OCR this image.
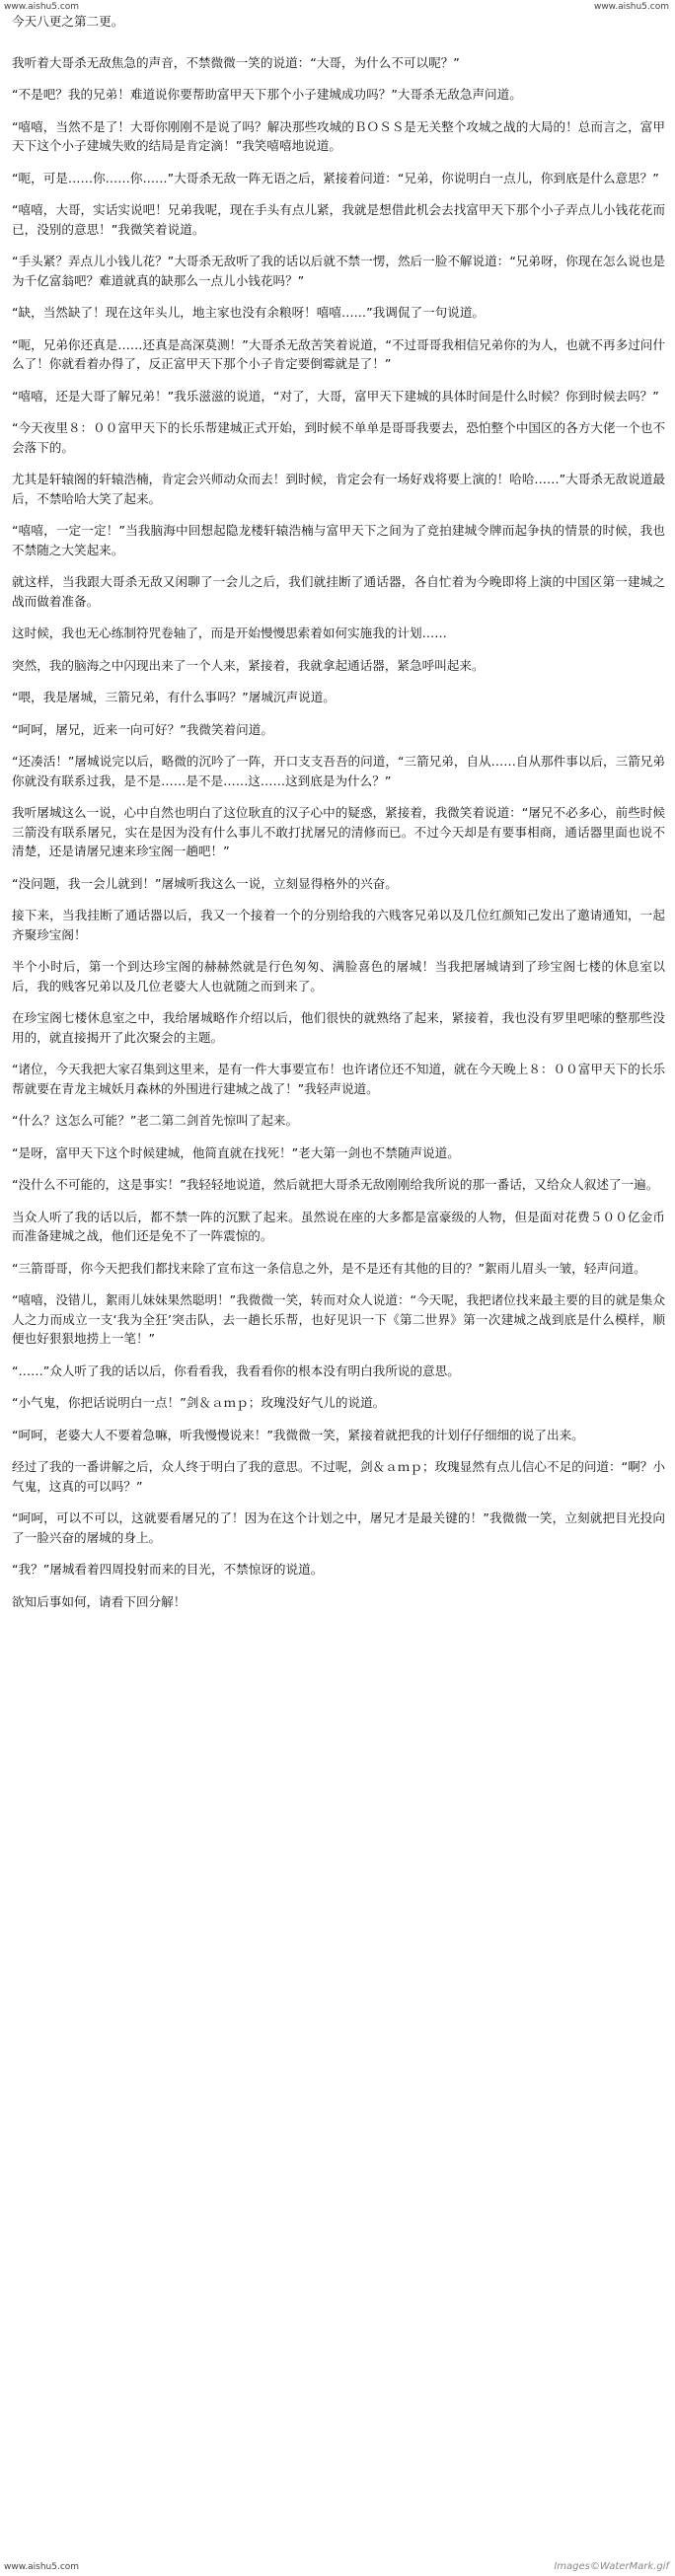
www.aishu5.com	www.aishu5.com

今天八更之第二更。

我听着大哥杀无敌焦急的声音，不禁微微一笑的说道：“大哥，为什么不可以呢？”

“不是吧？我的兄弟！难道说你要帮助富甲天下那个小子建城成功吗？”大哥杀无敌急声问道。

“嘻嘻，当然不是了！大哥你刚刚不是说了吗？解决那些攻城的ＢＯＳＳ是无关整个攻城之战的大局的！总而言之，富甲天下这个小子建城失败的结局是肯定滴！”我笑嘻嘻地说道。

“呃，可是……你……你……”大哥杀无敌一阵无语之后，紧接着问道：“兄弟，你说明白一点儿，你到底是什么意思？”

“嘻嘻，大哥，实话实说吧！兄弟我呢，现在手头有点儿紧，我就是想借此机会去找富甲天下那个小子弄点儿小钱花花而已，没别的意思！”我微笑着说道。

“手头紧？弄点儿小钱儿花？”大哥杀无敌听了我的话以后就不禁一愣，然后一脸不解说道：“兄弟呀，你现在怎么说也是为千亿富翁吧？难道就真的缺那么一点儿小钱花吗？”

“缺，当然缺了！现在这年头儿，地主家也没有余粮呀！嘻嘻……”我调侃了一句说道。

“呃，兄弟你还真是……还真是高深莫测！”大哥杀无敌苦笑着说道，“不过哥哥我相信兄弟你的为人，也就不再多过问什么了！你就看着办得了，反正富甲天下那个小子肯定要倒霉就是了！”

“嘻嘻，还是大哥了解兄弟！”我乐滋滋的说道，“对了，大哥，富甲天下建城的具体时间是什么时候？你到时候去吗？”

“今天夜里８：００富甲天下的长乐帮建城正式开始，到时候不单单是哥哥我要去，恐怕整个中国区的各方大佬一个也不会落下的。

尤其是轩辕阁的轩辕浩楠，肯定会兴师动众而去！到时候，肯定会有一场好戏将要上演的！哈哈……”大哥杀无敌说道最后，不禁哈哈大笑了起来。

“嘻嘻，一定一定！”当我脑海中回想起隐龙楼轩辕浩楠与富甲天下之间为了竞拍建城令牌而起争执的情景的时候，我也不禁随之大笑起来。

就这样，当我跟大哥杀无敌又闲聊了一会儿之后，我们就挂断了通话器，各自忙着为今晚即将上演的中国区第一建城之战而做着准备。

这时候，我也无心练制符咒卷轴了，而是开始慢慢思索着如何实施我的计划……

突然，我的脑海之中闪现出来了一个人来，紧接着，我就拿起通话器，紧急呼叫起来。

“喂，我是屠城，三箭兄弟，有什么事吗？”屠城沉声说道。

“呵呵，屠兄，近来一向可好？”我微笑着问道。

“还凑活！”屠城说完以后，略微的沉吟了一阵，开口支支吾吾的问道，“三箭兄弟，自从……自从那件事以后，三箭兄弟你就没有联系过我，是不是……是不是……这……这到底是为什么？”

我听屠城这么一说，心中自然也明白了这位耿直的汉子心中的疑惑，紧接着，我微笑着说道：“屠兄不必多心，前些时候三箭没有联系屠兄，实在是因为没有什么事儿不敢打扰屠兄的清修而已。不过今天却是有要事相商，通话器里面也说不清楚，还是请屠兄速来珍宝阁一趟吧！”

“没问题，我一会儿就到！”屠城听我这么一说，立刻显得格外的兴奋。

接下来，当我挂断了通话器以后，我又一个接着一个的分别给我的六贱客兄弟以及几位红颜知己发出了邀请通知，一起齐聚珍宝阁！

半个小时后，第一个到达珍宝阁的赫赫然就是行色匆匆、满脸喜色的屠城！当我把屠城请到了珍宝阁七楼的休息室以后，我的贱客兄弟以及几位老婆大人也就随之而到来了。

在珍宝阁七楼休息室之中，我给屠城略作介绍以后，他们很快的就熟络了起来，紧接着，我也没有罗里吧嗦的整那些没用的，就直接揭开了此次聚会的主题。

“诸位，今天我把大家召集到这里来，是有一件大事要宣布！也许诸位还不知道，就在今天晚上８：００富甲天下的长乐帮就要在青龙主城妖月森林的外围进行建城之战了！”我轻声说道。

“什么？这怎么可能？”老二第二剑首先惊叫了起来。

“是呀，富甲天下这个时候建城，他简直就在找死！”老大第一剑也不禁随声说道。

“没什么不可能的，这是事实！”我轻轻地说道，然后就把大哥杀无敌刚刚给我所说的那一番话，又给众人叙述了一遍。

当众人听了我的话以后，都不禁一阵的沉默了起来。虽然说在座的大多都是富豪级的人物，但是面对花费５００亿金币而准备建城之战，他们还是免不了一阵震惊的。

“三箭哥哥，你今天把我们都找来除了宣布这一条信息之外，是不是还有其他的目的？”絮雨儿眉头一皱，轻声问道。

“嘻嘻，没错儿，絮雨儿妹妹果然聪明！”我微微一笑，转而对众人说道：“今天呢，我把诸位找来最主要的目的就是集众人之力而成立一支‘我为全狂’突击队，去一趟长乐帮，也好见识一下《第二世界》第一次建城之战到底是什么模样，顺便也好狠狠地捞上一笔！”

“……”众人听了我的话以后，你看看我，我看看你的根本没有明白我所说的意思。

“小气鬼，你把话说明白一点！”剑＆ａｍｐ；玫瑰没好气儿的说道。

“呵呵，老婆大人不要着急嘛，听我慢慢说来！”我微微一笑，紧接着就把我的计划仔仔细细的说了出来。

经过了我的一番讲解之后，众人终于明白了我的意思。不过呢，剑＆ａｍｐ；玫瑰显然有点儿信心不足的问道：“啊？小气鬼，这真的可以吗？”

“呵呵，可以不可以，这就要看屠兄的了！因为在这个计划之中，屠兄才是最关键的！”我微微一笑，立刻就把目光投向了一脸兴奋的屠城的身上。

“我？”屠城看着四周投射而来的目光，不禁惊讶的说道。

欲知后事如何，请看下回分解！

www.aishu5.com	Images©WaterMark.gif
